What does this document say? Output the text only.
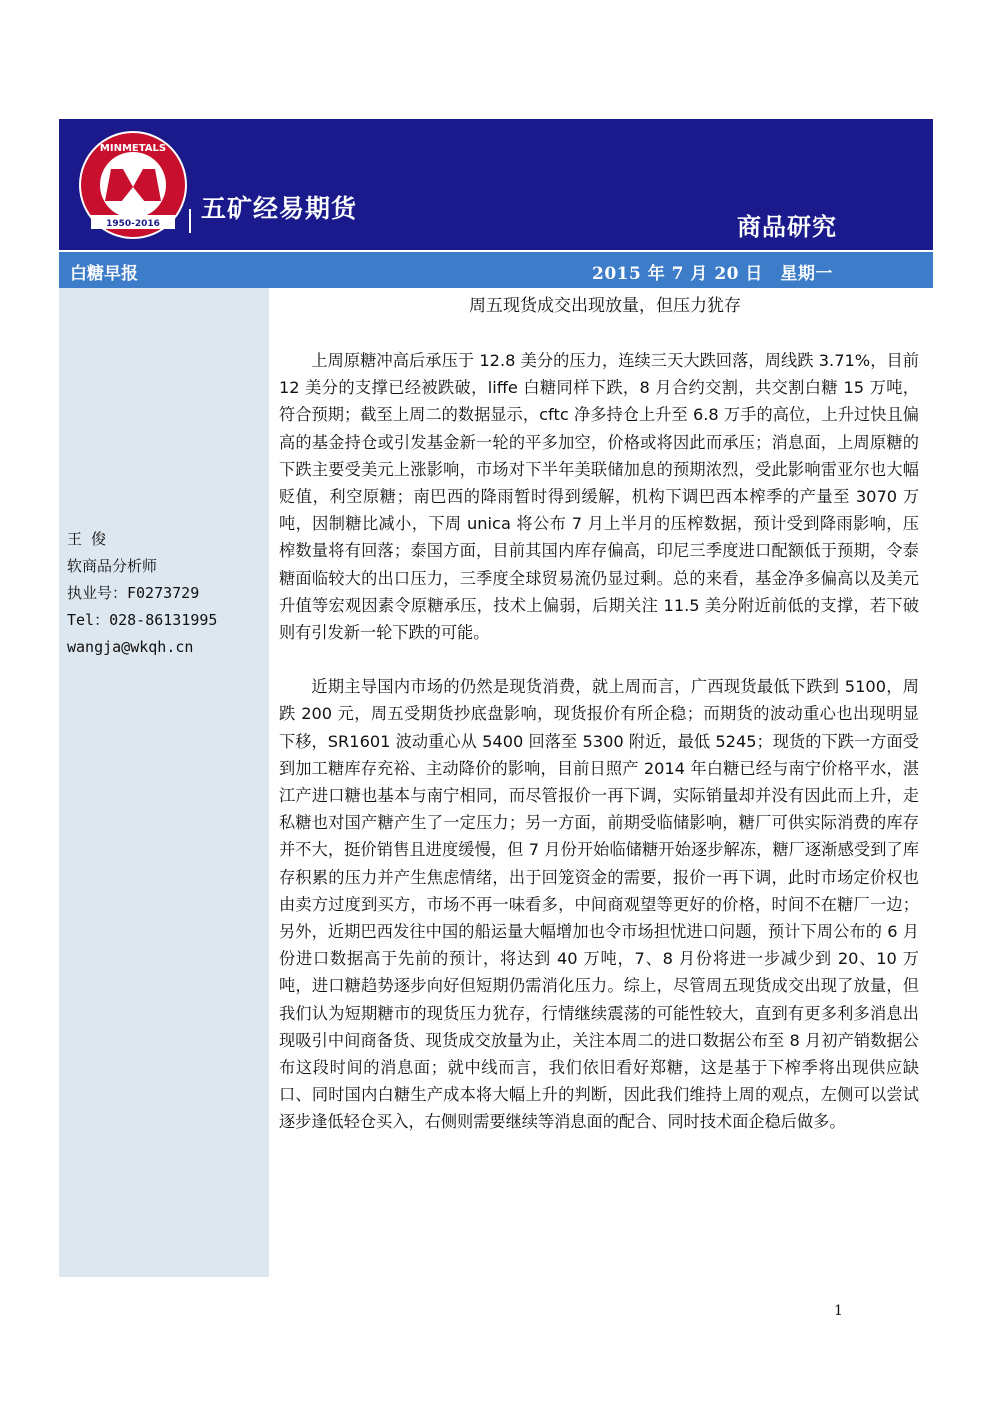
1950-2016
MINMETALS
五矿经易期货
商品研究
白糖早报	2015 年 7 月 20 日　星期一
王 俊
软商品分析师
执业号：F0273729
Tel：028-86131995
wangja@wkqh.cn
周五现货成交出现放量，但压力犹存

上周原糖冲高后承压于 12.8 美分的压力，连续三天大跌回落，周线跌 3.71%，目前 12 美分的支撑已经被跌破，liffe 白糖同样下跌，8 月合约交割，共交割白糖 15 万吨，符合预期；截至上周二的数据显示，cftc 净多持仓上升至 6.8 万手的高位，上升过快且偏高的基金持仓或引发基金新一轮的平多加空，价格或将因此而承压；消息面，上周原糖的下跌主要受美元上涨影响，市场对下半年美联储加息的预期浓烈，受此影响雷亚尔也大幅贬值，利空原糖；南巴西的降雨暂时得到缓解，机构下调巴西本榨季的产量至 3070 万吨，因制糖比减小，下周 unica 将公布 7 月上半月的压榨数据，预计受到降雨影响，压榨数量将有回落；泰国方面，目前其国内库存偏高，印尼三季度进口配额低于预期，令泰糖面临较大的出口压力，三季度全球贸易流仍显过剩。总的来看，基金净多偏高以及美元升值等宏观因素令原糖承压，技术上偏弱，后期关注 11.5 美分附近前低的支撑，若下破则有引发新一轮下跌的可能。

近期主导国内市场的仍然是现货消费，就上周而言，广西现货最低下跌到 5100，周跌 200 元，周五受期货抄底盘影响，现货报价有所企稳；而期货的波动重心也出现明显下移，SR1601 波动重心从 5400 回落至 5300 附近，最低 5245；现货的下跌一方面受到加工糖库存充裕、主动降价的影响，目前日照产 2014 年白糖已经与南宁价格平水，湛江产进口糖也基本与南宁相同，而尽管报价一再下调，实际销量却并没有因此而上升，走私糖也对国产糖产生了一定压力；另一方面，前期受临储影响，糖厂可供实际消费的库存并不大，挺价销售且进度缓慢，但 7 月份开始临储糖开始逐步解冻，糖厂逐渐感受到了库存积累的压力并产生焦虑情绪，出于回笼资金的需要，报价一再下调，此时市场定价权也由卖方过度到买方，市场不再一味看多，中间商观望等更好的价格，时间不在糖厂一边；另外，近期巴西发往中国的船运量大幅增加也令市场担忧进口问题，预计下周公布的 6 月份进口数据高于先前的预计，将达到 40 万吨，7、8 月份将进一步减少到 20、10 万吨，进口糖趋势逐步向好但短期仍需消化压力。综上，尽管周五现货成交出现了放量，但我们认为短期糖市的现货压力犹存，行情继续震荡的可能性较大，直到有更多利多消息出现吸引中间商备货、现货成交放量为止，关注本周二的进口数据公布至 8 月初产销数据公布这段时间的消息面；就中线而言，我们依旧看好郑糖，这是基于下榨季将出现供应缺口、同时国内白糖生产成本将大幅上升的判断，因此我们维持上周的观点，左侧可以尝试逐步逢低轻仓买入，右侧则需要继续等消息面的配合、同时技术面企稳后做多。

1
